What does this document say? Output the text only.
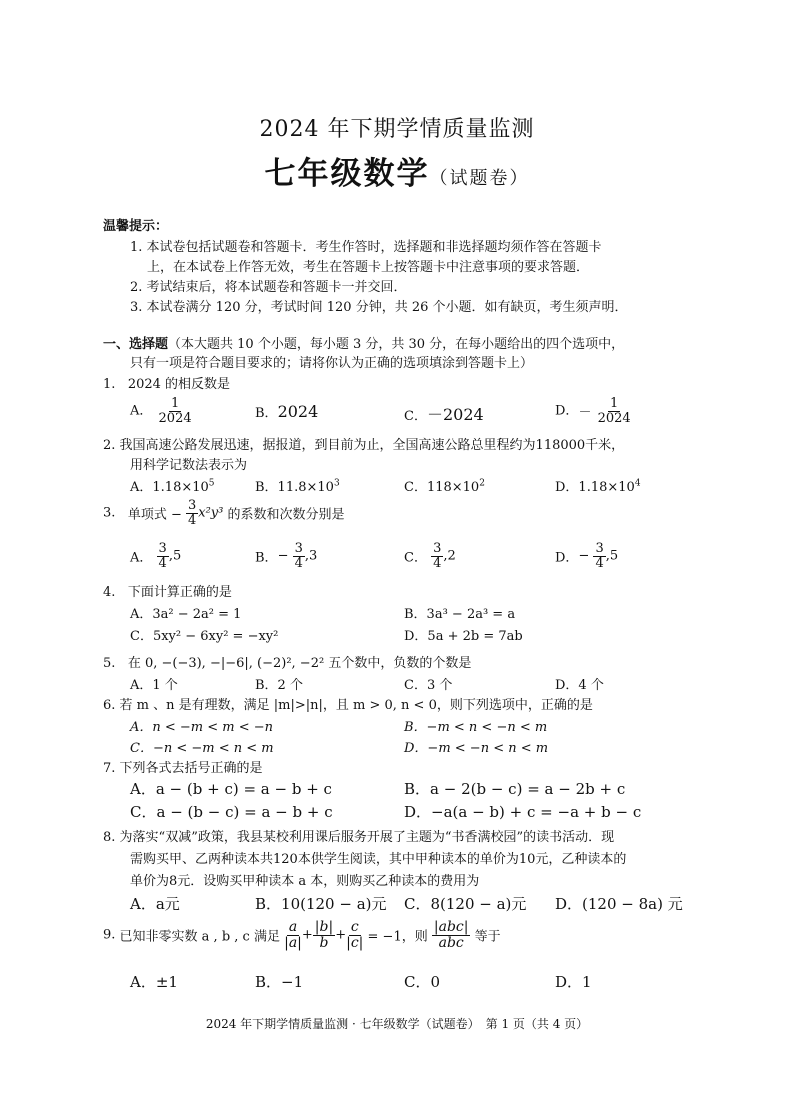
2024 年下期学情质量监测
七年级数学（试题卷）
温馨提示：
1. 本试卷包括试题卷和答题卡．考生作答时，选择题和非选择题均须作答在答题卡
上，在本试卷上作答无效，考生在答题卡上按答题卡中注意事项的要求答题．
2. 考试结束后，将本试题卷和答题卡一并交回．
3. 本试卷满分 120 分，考试时间 120 分钟，共 26 个小题．如有缺页，考生须声明．
一、选择题（本大题共 10 个小题，每小题 3 分，共 30 分，在每小题给出的四个选项中，
只有一项是符合题目要求的；请将你认为正确的选项填涂到答题卡上）
1. 2024 的相反数是
A． $\frac{1}{2024}$	B．2024	C．－2024	D．－ $\frac{1}{2024}$
2. 我国高速公路发展迅速，据报道，到目前为止，全国高速公路总里程约为118000千米，
用科学记数法表示为
A．$1.18\times 10^5$	B．$11.8\times 10^3$	C．$118\times 10^2$	D．$1.18\times 10^4$
3. 单项式 − $\frac{3}{4} x^2y^3$ 的系数和次数分别是
A． $\frac{3}{4} ,5$	B．− $\frac{3}{4} ,3$	C． $\frac{3}{4} ,2$	D．− $\frac{3}{4} ,5$
4. 下面计算正确的是
A．3a² − 2a² = 1	B．3a³ − 2a³ = a
C．5xy² − 6xy² = −xy²	D．5a + 2b = 7ab
5. 在 0, −(−3), −|−6|, (−2)², −2² 五个数中，负数的个数是
A．1 个	B．2 个	C．3 个	D．4 个
6. 若 m 、n 是有理数，满足 |m|>|n|，且 m > 0, n < 0，则下列选项中，正确的是
A．n < −m < m < −n	B．−m < n < −n < m
C．−n < −m < n < m	D．−m < −n < n < m
7. 下列各式去括号正确的是
A．a − (b + c) = a − b + c	B．a − 2(b − c) = a − 2b + c
C．a − (b − c) = a − b + c	D．−a(a − b) + c = −a + b − c
8. 为落实“双减”政策，我县某校利用课后服务开展了主题为“书香满校园”的读书活动．现
需购买甲、乙两种读本共120本供学生阅读，其中甲种读本的单价为10元，乙种读本的
单价为8元．设购买甲种读本 a 本，则购买乙种读本的费用为
A．a元	B．10(120 − a)元 C．8(120 − a)元 D．(120 − 8a) 元
9. 已知非零实数 a , b , c 满足 $\frac{a}{|a|} + \frac{|b|}{b} + \frac{c}{|c|} = -1$，则 $\frac{\text{|abc|}}{\text{abc}}$ 等于
A．±1	B．−1	C．0	D．1
2024 年下期学情质量监测 · 七年级数学（试题卷）　第 1 页（共 4 页）
